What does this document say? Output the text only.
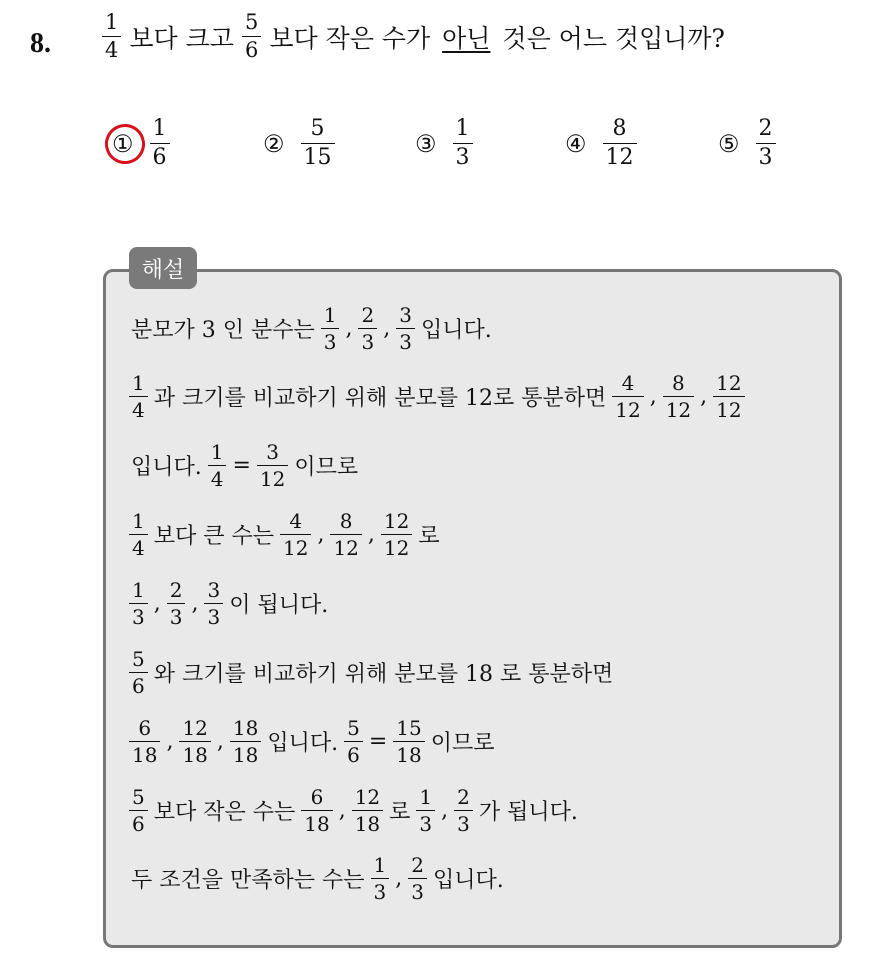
8. $\frac{1}{4}$ 보다 크고 $\frac{5}{6}$ 보다 작은 수가 아닌 것은 어느 것입니까?
① $\frac{1}{6}$	② $\frac{5}{15}$	③ $\frac{1}{3}$	④ $\frac{8}{12}$	⑤ $\frac{2}{3}$
해설
분모가 3 인 분수는 $\frac{1}{3}$ , $\frac{2}{3}$ , $\frac{3}{3}$ 입니다.
$\frac{1}{4}$ 과 크기를 비교하기 위해 분모를 12로 통분하면 $\frac{4}{12}$ , $\frac{8}{12}$ , $\frac{12}{12}$
입니다. $\frac{1}{4} = \frac{3}{12}$ 이므로
$\frac{1}{4}$ 보다 큰 수는 $\frac{4}{12}$ , $\frac{8}{12}$ , $\frac{12}{12}$ 로
$\frac{1}{3}$ , $\frac{2}{3}$ , $\frac{3}{3}$ 이 됩니다.
$\frac{5}{6}$ 와 크기를 비교하기 위해 분모를 18 로 통분하면
$\frac{6}{18}$ , $\frac{12}{18}$ , $\frac{18}{18}$ 입니다. $\frac{5}{6} = \frac{15}{18}$ 이므로
$\frac{5}{6}$ 보다 작은 수는 $\frac{6}{18}$ , $\frac{12}{18}$ 로 $\frac{1}{3}$ , $\frac{2}{3}$ 가 됩니다.
두 조건을 만족하는 수는 $\frac{1}{3}$ , $\frac{2}{3}$ 입니다.
